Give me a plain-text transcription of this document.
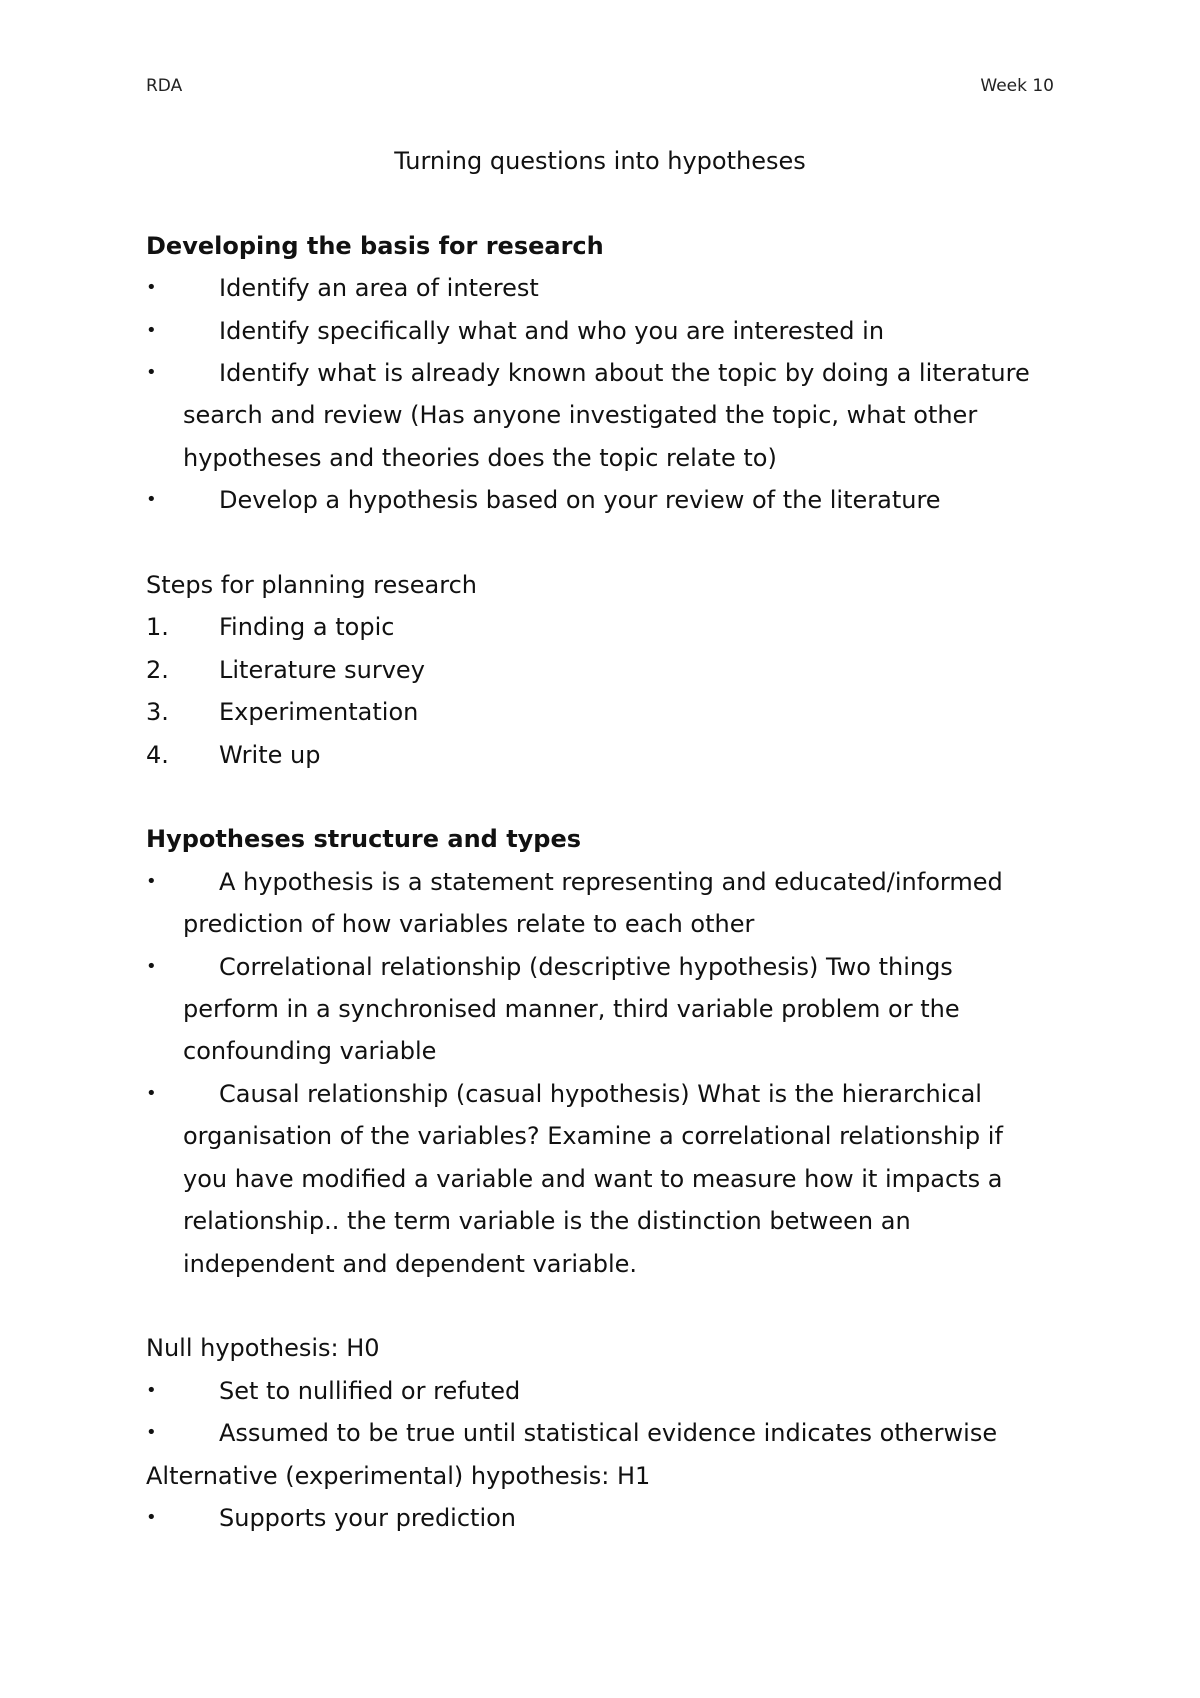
RDA	Week 10

Turning questions into hypotheses

Developing the basis for research

•	Identify an area of interest
•	Identify specifically what and who you are interested in
•	Identify what is already known about the topic by doing a literature search and review (Has anyone investigated the topic, what other hypotheses and theories does the topic relate to)
•	Develop a hypothesis based on your review of the literature

Steps for planning research

1. Finding a topic
2. Literature survey
3. Experimentation
4. Write up

Hypotheses structure and types

•	A hypothesis is a statement representing and educated/informed prediction of how variables relate to each other
•	Correlational relationship (descriptive hypothesis) Two things perform in a synchronised manner, third variable problem or the confounding variable
•	Causal relationship (casual hypothesis) What is the hierarchical organisation of the variables? Examine a correlational relationship if you have modified a variable and want to measure how it impacts a relationship.. the term variable is the distinction between an independent and dependent variable.

Null hypothesis: H0

•	Set to nullified or refuted
•	Assumed to be true until statistical evidence indicates otherwise

Alternative (experimental) hypothesis: H1

•	Supports your prediction
